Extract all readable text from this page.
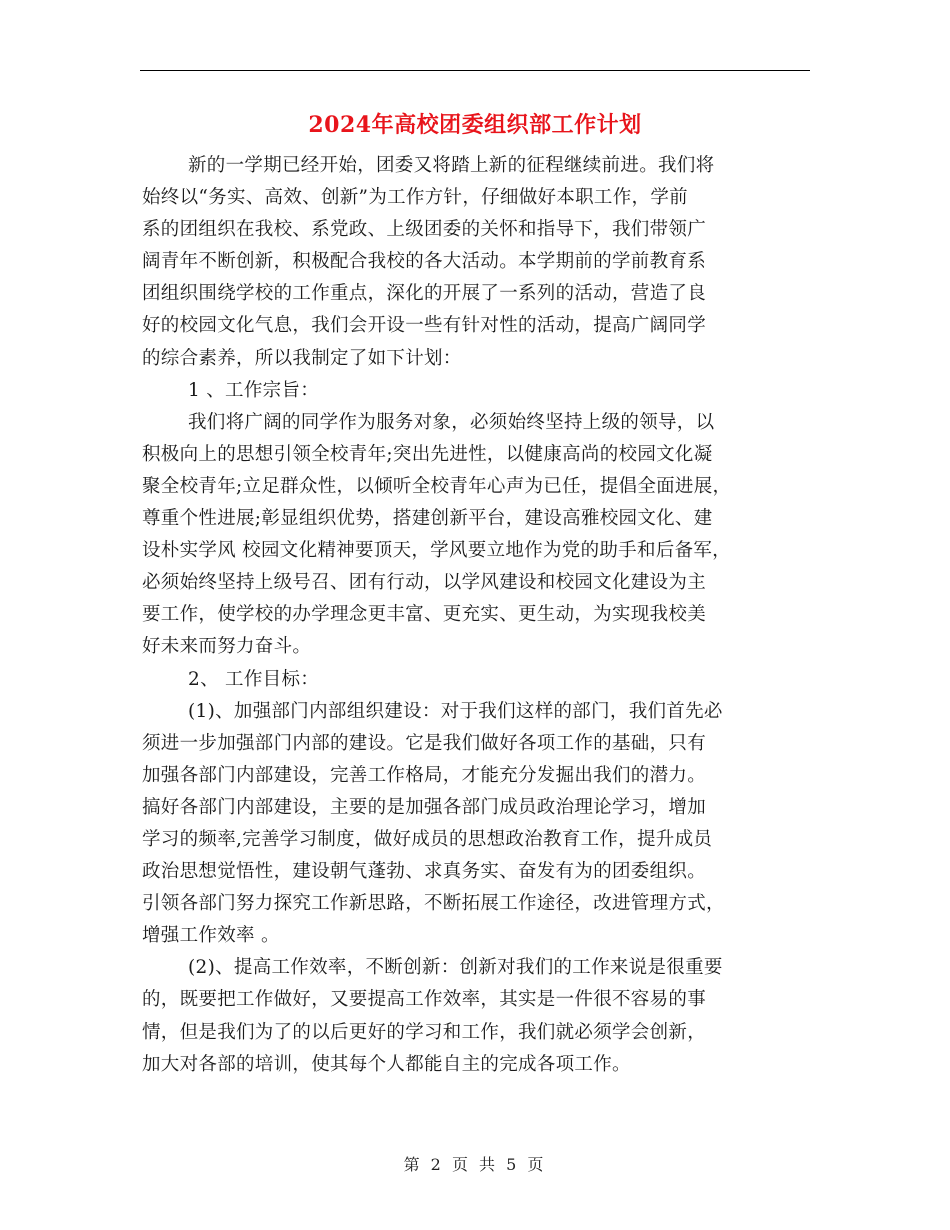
2024年高校团委组织部工作计划
新的一学期已经开始，团委又将踏上新的征程继续前进。我们将
始终以“务实、高效、创新”为工作方针，仔细做好本职工作，学前
系的团组织在我校、系党政、上级团委的关怀和指导下，我们带领广
阔青年不断创新，积极配合我校的各大活动。本学期前的学前教育系
团组织围绕学校的工作重点，深化的开展了一系列的活动，营造了良
好的校园文化气息，我们会开设一些有针对性的活动，提高广阔同学
的综合素养，所以我制定了如下计划：
1 、工作宗旨：
我们将广阔的同学作为服务对象，必须始终坚持上级的领导，以
积极向上的思想引领全校青年;突出先进性，以健康高尚的校园文化凝
聚全校青年;立足群众性，以倾听全校青年心声为已任，提倡全面进展，
尊重个性进展;彰显组织优势，搭建创新平台，建设高雅校园文化、建
设朴实学风 校园文化精神要顶天，学风要立地作为党的助手和后备军，
必须始终坚持上级号召、团有行动，以学风建设和校园文化建设为主
要工作，使学校的办学理念更丰富、更充实、更生动，为实现我校美
好未来而努力奋斗。
2、 工作目标：
(1)、加强部门内部组织建设：对于我们这样的部门，我们首先必
须进一步加强部门内部的建设。它是我们做好各项工作的基础，只有
加强各部门内部建设，完善工作格局，才能充分发掘出我们的潜力。
搞好各部门内部建设，主要的是加强各部门成员政治理论学习，增加
学习的频率,完善学习制度，做好成员的思想政治教育工作，提升成员
政治思想觉悟性，建设朝气蓬勃、求真务实、奋发有为的团委组织。
引领各部门努力探究工作新思路，不断拓展工作途径，改进管理方式，
增强工作效率 。
(2)、提高工作效率，不断创新：创新对我们的工作来说是很重要
的，既要把工作做好，又要提高工作效率，其实是一件很不容易的事
情，但是我们为了的以后更好的学习和工作，我们就必须学会创新，
加大对各部的培训，使其每个人都能自主的完成各项工作。
第 2 页 共 5 页
